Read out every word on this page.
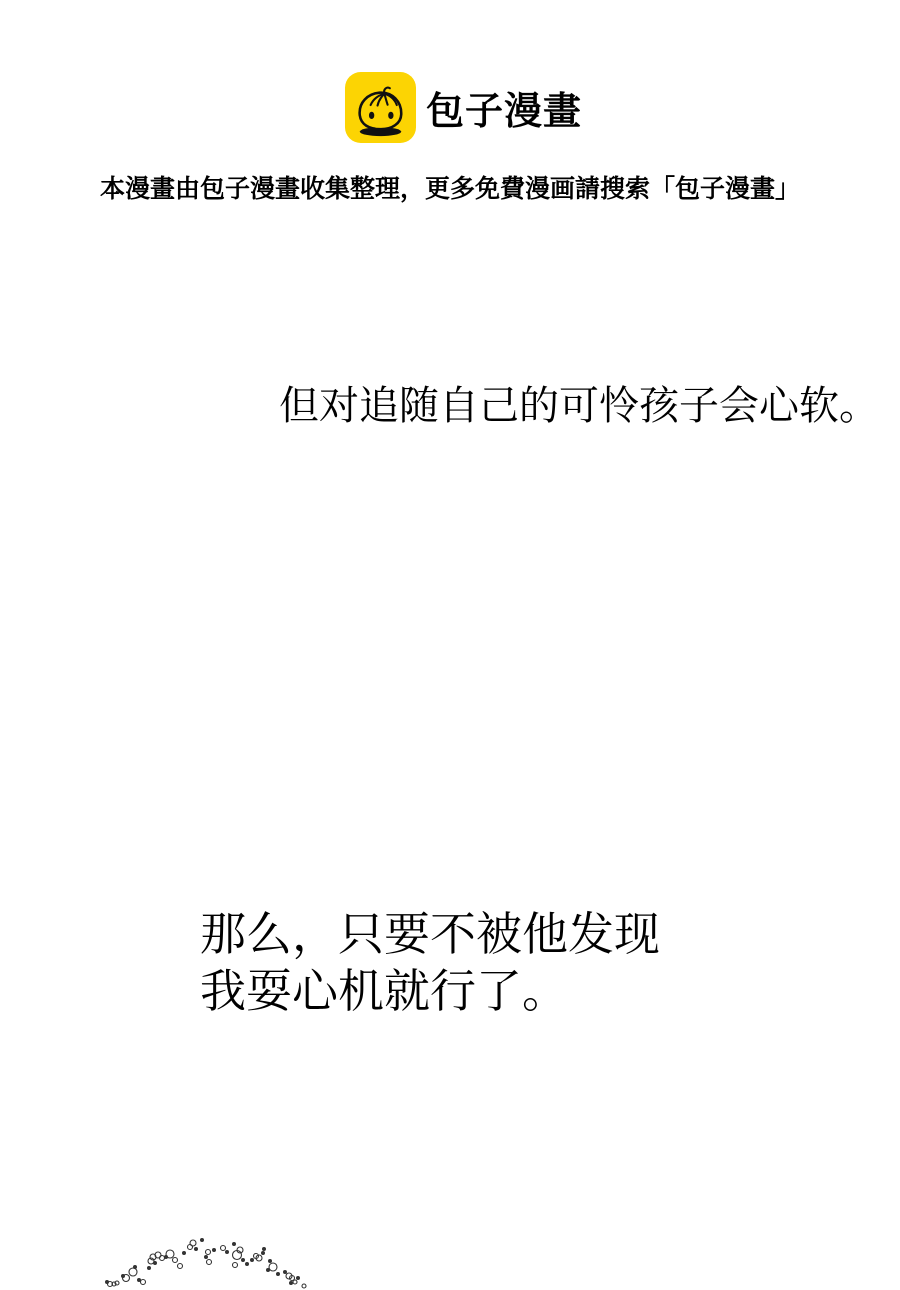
包子漫畫
本漫畫由包子漫畫收集整理，更多免費漫画請搜索「包子漫畫」
但对追随自己的可怜孩子会心软。
那么，只要不被他发现
我耍心机就行了。
